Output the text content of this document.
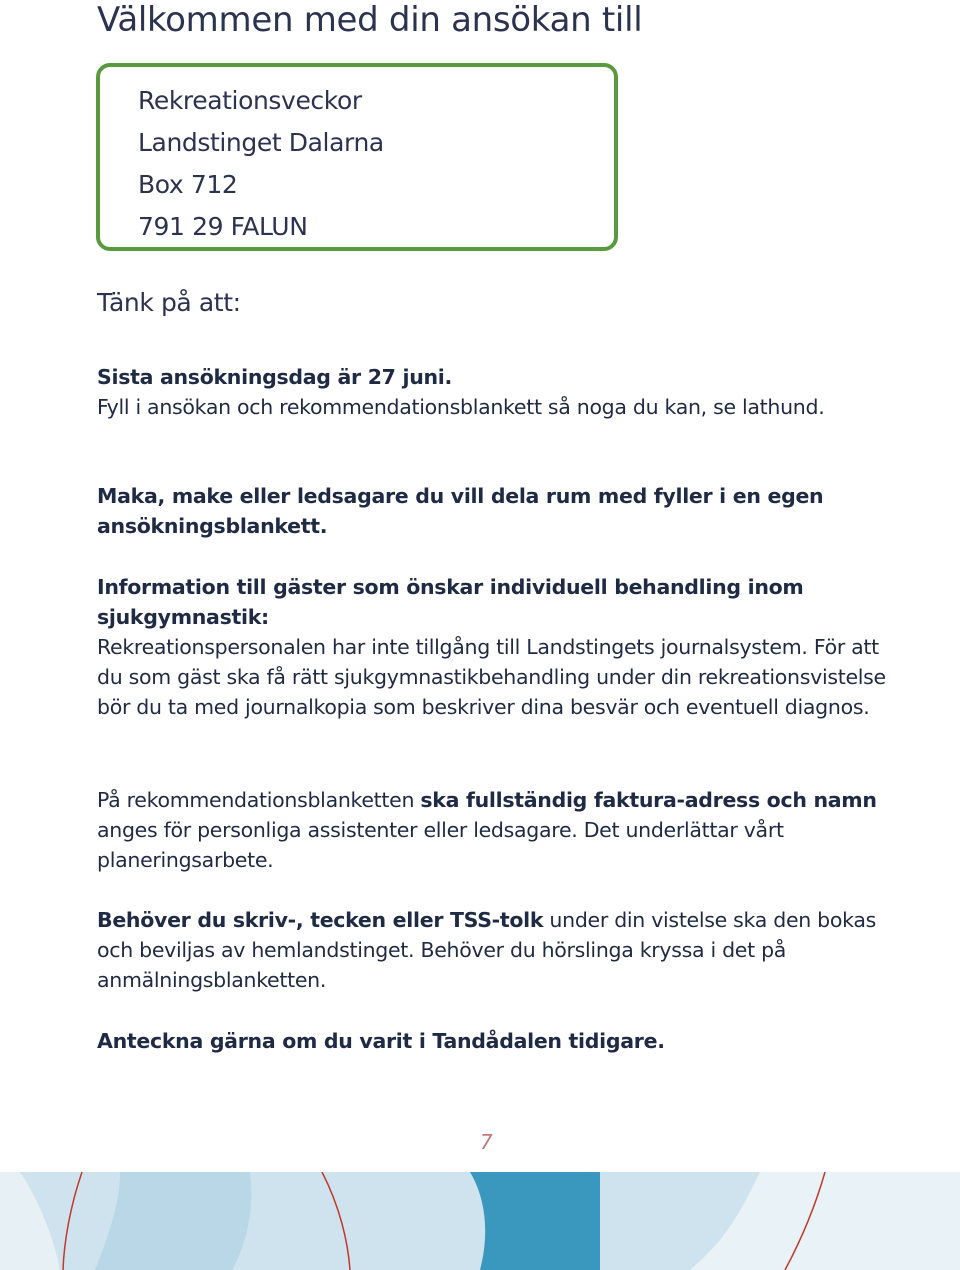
Välkommen med din ansökan till
Rekreationsveckor
Landstinget Dalarna
Box 712
791 29 FALUN
Tänk på att:
Sista ansökningsdag är 27 juni.
Fyll i ansökan och rekommendationsblankett så noga du kan, se lathund.
Maka, make eller ledsagare du vill dela rum med fyller i en egen ansökningsblankett.
Information till gäster som önskar individuell behandling inom sjukgymnastik:
Rekreationspersonalen har inte tillgång till Landstingets journalsystem. För att du som gäst ska få rätt sjukgymnastikbehandling under din rekreationsvistelse bör du ta med journalkopia som beskriver dina besvär och eventuell diagnos.
På rekommendationsblanketten ska fullständig faktura-adress och namn anges för personliga assistenter eller ledsagare. Det underlättar vårt planeringsarbete.
Behöver du skriv-, tecken eller TSS-tolk under din vistelse ska den bokas och beviljas av hemlandstinget. Behöver du hörslinga kryssa i det på anmälningsblanketten.
Anteckna gärna om du varit i Tandådalen tidigare.
7
